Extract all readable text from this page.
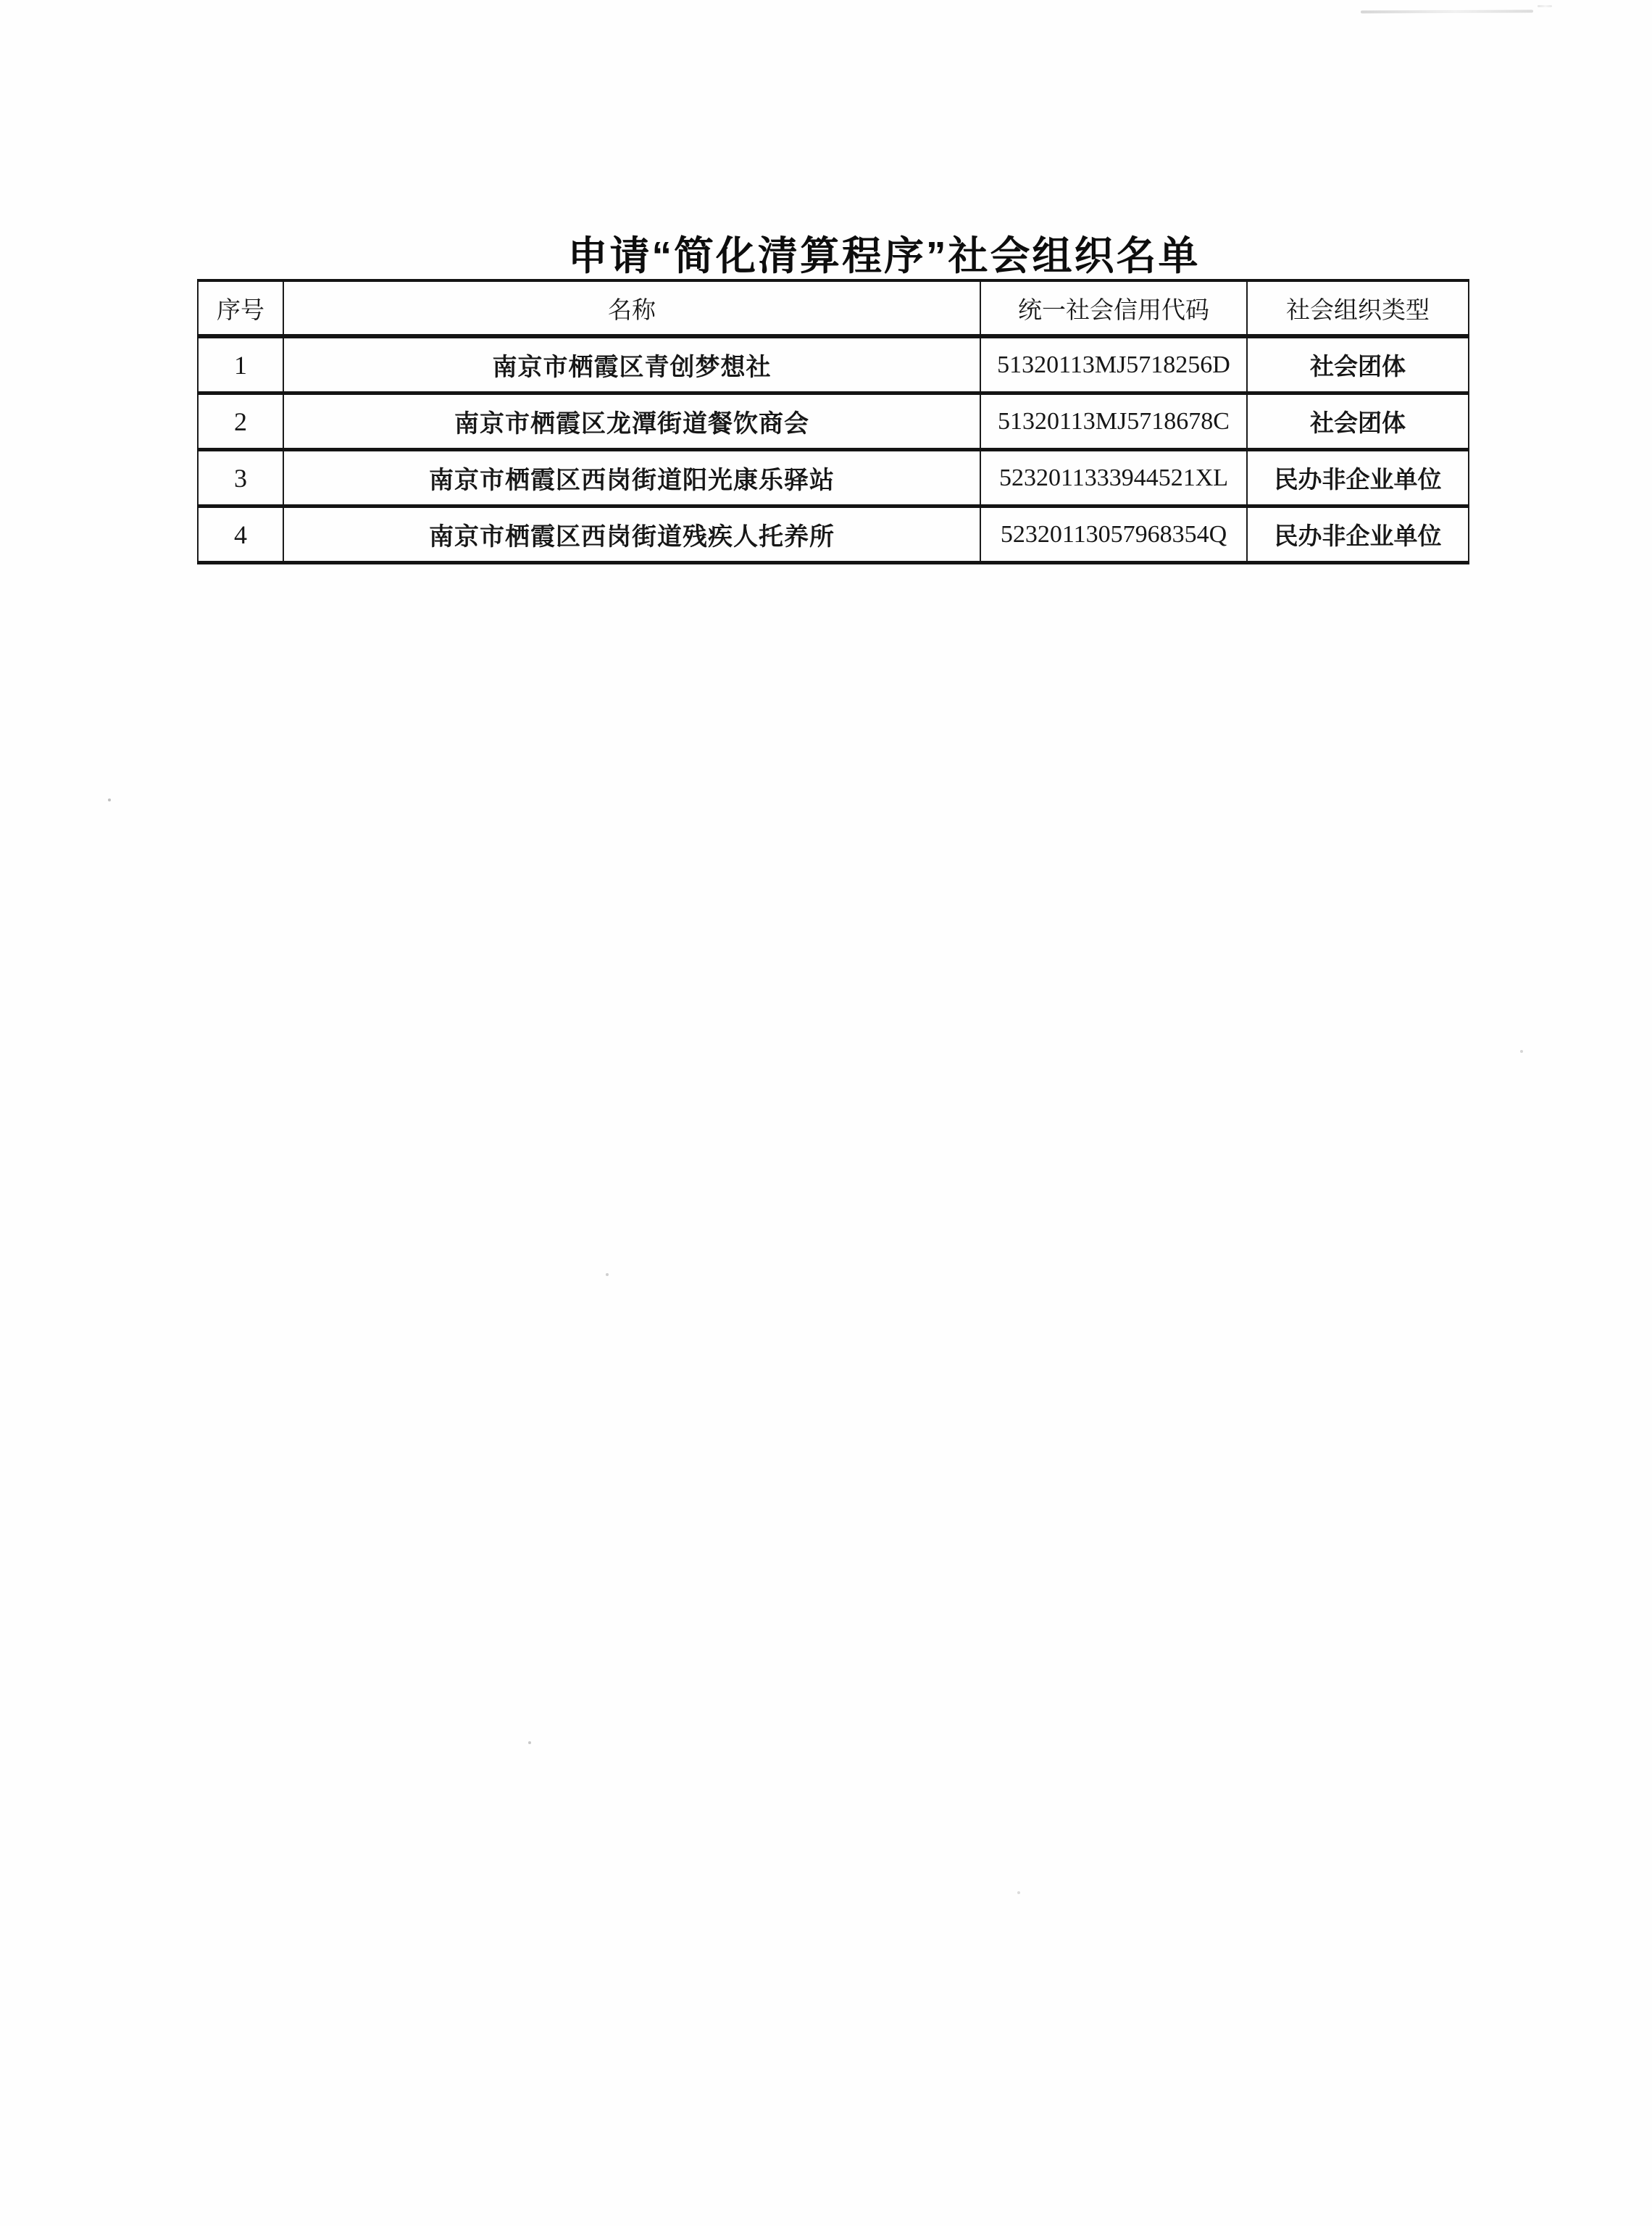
申请“简化清算程序”社会组织名单
序号	名称	统一社会信用代码	社会组织类型
1	南京市栖霞区青创梦想社	51320113MJ5718256D	社会团体
2	南京市栖霞区龙潭街道餐饮商会	51320113MJ5718678C	社会团体
3	南京市栖霞区西岗街道阳光康乐驿站	5232011333944521XL	民办非企业单位
4	南京市栖霞区西岗街道残疾人托养所	52320113057968354Q	民办非企业单位
